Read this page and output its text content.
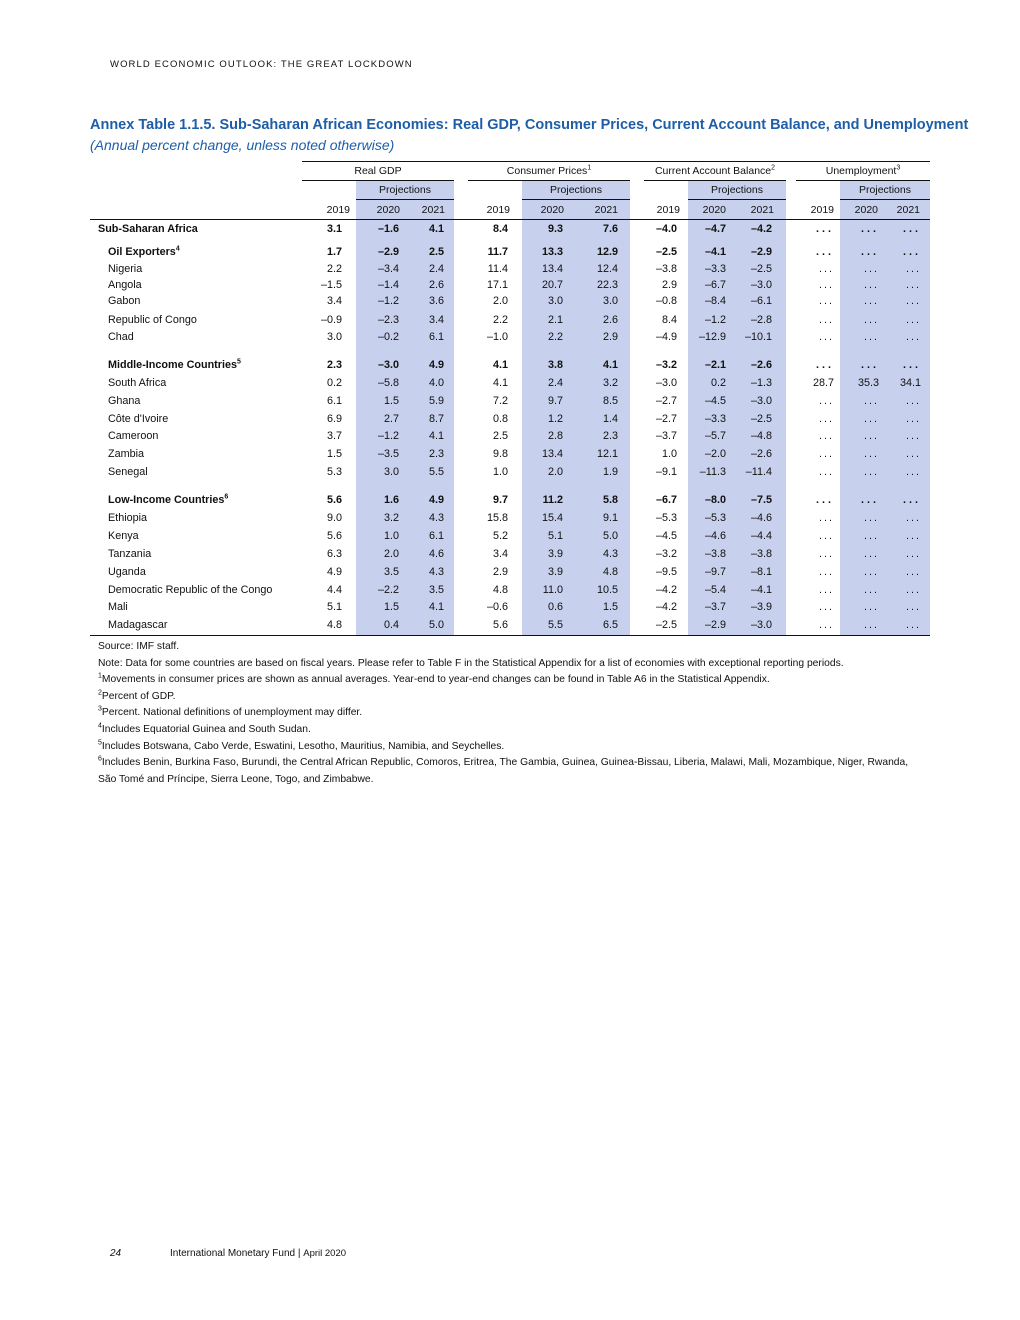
WORLD ECONOMIC OUTLOOK: THE GREAT LOCKDOWN
Annex Table 1.1.5. Sub-Saharan African Economies: Real GDP, Consumer Prices, Current Account Balance, and Unemployment
(Annual percent change, unless noted otherwise)
Real GDP	Consumer Prices$^1$	Current Account Balance$^2$	Unemployment$^3$
Projections	Projections	Projections	Projections
2019	2020	2021	2019	2020	2021	2019	2020	2021	2019	2020	2021
Sub-Saharan Africa	3.1	–1.6	4.1	8.4	9.3	7.6	–4.0	–4.7	–4.2	...	...	...
Oil Exporters$^4$	1.7	–2.9	2.5	11.7	13.3	12.9	–2.5	–4.1	–2.9	...	...	...
Nigeria	2.2	–3.4	2.4	11.4	13.4	12.4	–3.8	–3.3	–2.5	...	...	...
Angola	–1.5	–1.4	2.6	17.1	20.7	22.3	2.9	–6.7	–3.0	...	...	...
Gabon	3.4	–1.2	3.6	2.0	3.0	3.0	–0.8	–8.4	–6.1	...	...	...
Republic of Congo	–0.9	–2.3	3.4	2.2	2.1	2.6	8.4	–1.2	–2.8	...	...	...
Chad	3.0	–0.2	6.1	–1.0	2.2	2.9	–4.9	–12.9	–10.1	...	...	...
Middle-Income Countries$^5$	2.3	–3.0	4.9	4.1	3.8	4.1	–3.2	–2.1	–2.6	...	...	...
South Africa	0.2	–5.8	4.0	4.1	2.4	3.2	–3.0	0.2	–1.3	28.7	35.3	34.1
Ghana	6.1	1.5	5.9	7.2	9.7	8.5	–2.7	–4.5	–3.0	...	...	...
Côte d'Ivoire	6.9	2.7	8.7	0.8	1.2	1.4	–2.7	–3.3	–2.5	...	...	...
Cameroon	3.7	–1.2	4.1	2.5	2.8	2.3	–3.7	–5.7	–4.8	...	...	...
Zambia	1.5	–3.5	2.3	9.8	13.4	12.1	1.0	–2.0	–2.6	...	...	...
Senegal	5.3	3.0	5.5	1.0	2.0	1.9	–9.1	–11.3	–11.4	...	...	...
Low-Income Countries$^6$	5.6	1.6	4.9	9.7	11.2	5.8	–6.7	–8.0	–7.5	...	...	...
Ethiopia	9.0	3.2	4.3	15.8	15.4	9.1	–5.3	–5.3	–4.6	...	...	...
Kenya	5.6	1.0	6.1	5.2	5.1	5.0	–4.5	–4.6	–4.4	...	...	...
Tanzania	6.3	2.0	4.6	3.4	3.9	4.3	–3.2	–3.8	–3.8	...	...	...
Uganda	4.9	3.5	4.3	2.9	3.9	4.8	–9.5	–9.7	–8.1	...	...	...
Democratic Republic of the Congo	4.4	–2.2	3.5	4.8	11.0	10.5	–4.2	–5.4	–4.1	...	...	...
Mali	5.1	1.5	4.1	–0.6	0.6	1.5	–4.2	–3.7	–3.9	...	...	...
Madagascar	4.8	0.4	5.0	5.6	5.5	6.5	–2.5	–2.9	–3.0	...	...	...
Source: IMF staff.
Note: Data for some countries are based on fiscal years. Please refer to Table F in the Statistical Appendix for a list of economies with exceptional reporting periods.
$^1$Movements in consumer prices are shown as annual averages. Year-end to year-end changes can be found in Table A6 in the Statistical Appendix.
$^2$Percent of GDP.
$^3$Percent. National definitions of unemployment may differ.
$^4$Includes Equatorial Guinea and South Sudan.
$^5$Includes Botswana, Cabo Verde, Eswatini, Lesotho, Mauritius, Namibia, and Seychelles.
$^6$Includes Benin, Burkina Faso, Burundi, the Central African Republic, Comoros, Eritrea, The Gambia, Guinea, Guinea-Bissau, Liberia, Malawi, Mali, Mozambique, Niger, Rwanda, São Tomé and Príncipe, Sierra Leone, Togo, and Zimbabwe.
24	International Monetary Fund | April 2020
